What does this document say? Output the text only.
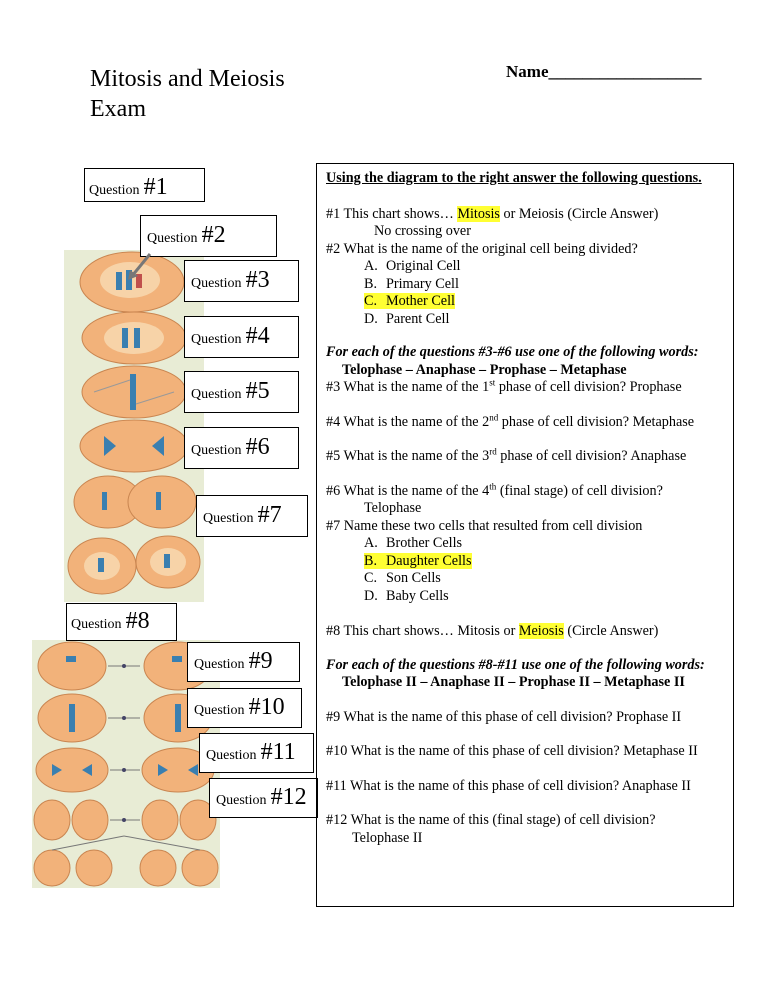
Mitosis and Meiosis
Exam
Name__________________
Question #1
Question #2
Question #3
Question #4
Question #5
Question #6
Question #7
Question #8
Question #9
Question #10
Question #11
Question #12

Using the diagram to the right answer the following questions.

#1 This chart shows… Mitosis or Meiosis (Circle Answer)

No crossing over

#2 What is the name of the original cell being divided?

A. Original Cell
B. Primary Cell
C. Mother Cell
D. Parent Cell

For each of the questions #3-#6 use one of the following words:

Telophase – Anaphase – Prophase – Metaphase

#3 What is the name of the 1st phase of cell division? Prophase

#4 What is the name of the 2nd phase of cell division? Metaphase

#5 What is the name of the 3rd phase of cell division? Anaphase

#6 What is the name of the 4th (final stage) of cell division?

Telophase

#7 Name these two cells that resulted from cell division

A. Brother Cells
B. Daughter Cells
C. Son Cells
D. Baby Cells

#8 This chart shows… Mitosis or Meiosis (Circle Answer)

For each of the questions #8-#11 use one of the following words:

Telophase II – Anaphase II – Prophase II – Metaphase II

#9 What is the name of this phase of cell division? Prophase II

#10 What is the name of this phase of cell division? Metaphase II

#11 What is the name of this phase of cell division? Anaphase II

#12 What is the name of this (final stage) of cell division?

Telophase II
